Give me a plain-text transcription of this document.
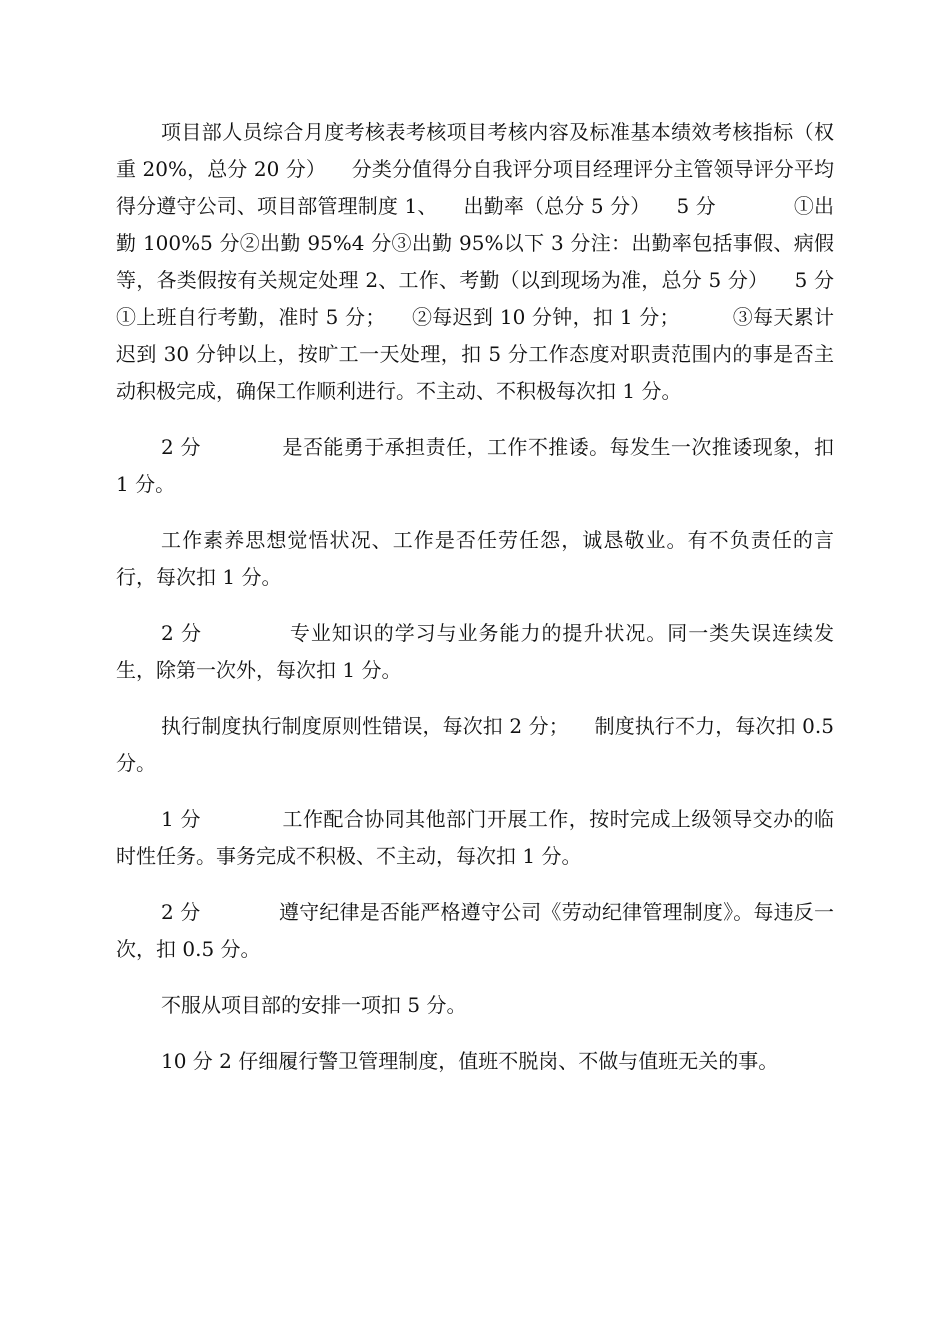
项目部人员综合月度考核表考核项目考核内容及标准基本绩效考核指标（权重 20%，总分 20 分）    分类分值得分自我评分项目经理评分主管领导评分平均得分遵守公司、项目部管理制度 1、    出勤率（总分 5 分）    5 分            ①出勤 100%5 分②出勤 95%4 分③出勤 95%以下 3 分注：出勤率包括事假、病假等，各类假按有关规定处理 2、工作、考勤（以到现场为准，总分 5 分）    5 分            ①上班自行考勤，准时 5 分；    ②每迟到 10 分钟，扣 1 分；        ③每天累计迟到 30 分钟以上，按旷工一天处理，扣 5 分工作态度对职责范围内的事是否主动积极完成，确保工作顺利进行。不主动、不积极每次扣 1 分。

2 分            是否能勇于承担责任，工作不推诿。每发生一次推诿现象，扣 1 分。

工作素养思想觉悟状况、工作是否任劳任怨，诚恳敬业。有不负责任的言行，每次扣 1 分。

2 分            专业知识的学习与业务能力的提升状况。同一类失误连续发生，除第一次外，每次扣 1 分。

执行制度执行制度原则性错误，每次扣 2 分；    制度执行不力，每次扣 0.5 分。

1 分            工作配合协同其他部门开展工作，按时完成上级领导交办的临时性任务。事务完成不积极、不主动，每次扣 1 分。

2 分            遵守纪律是否能严格遵守公司《劳动纪律管理制度》。每违反一次，扣 0.5 分。

不服从项目部的安排一项扣 5 分。

10 分 2 仔细履行警卫管理制度，值班不脱岗、不做与值班无关的事。
